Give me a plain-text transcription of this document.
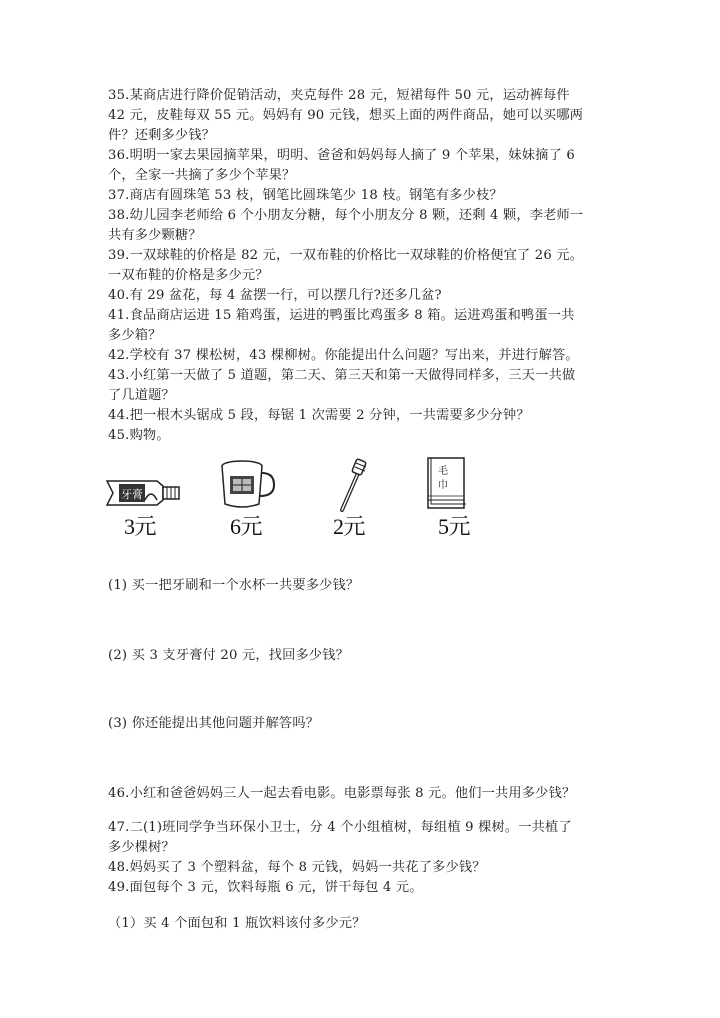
35.某商店进行降价促销活动，夹克每件 28 元，短裙每件 50 元，运动裤每件
42 元，皮鞋每双 55 元。妈妈有 90 元钱，想买上面的两件商品，她可以买哪两
件？还剩多少钱？
36.明明一家去果园摘苹果，明明、爸爸和妈妈每人摘了 9 个苹果，妹妹摘了 6
个，全家一共摘了多少个苹果？
37.商店有圆珠笔 53 枝，钢笔比圆珠笔少 18 枝。钢笔有多少枝？
38.幼儿园李老师给 6 个小朋友分糖，每个小朋友分 8 颗，还剩 4 颗，李老师一
共有多少颗糖？
39.一双球鞋的价格是 82 元，一双布鞋的价格比一双球鞋的价格便宜了 26 元。
一双布鞋的价格是多少元？
40.有 29 盆花，每 4 盆摆一行，可以摆几行?还多几盆?
41.食品商店运进 15 箱鸡蛋，运进的鸭蛋比鸡蛋多 8 箱。运进鸡蛋和鸭蛋一共
多少箱？
42.学校有 37 棵松树，43 棵柳树。你能提出什么问题？写出来，并进行解答。
43.小红第一天做了 5 道题，第二天、第三天和第一天做得同样多，三天一共做
了几道题？
44.把一根木头锯成 5 段，每锯 1 次需要 2 分钟，一共需要多少分钟？
45.购物。
牙膏
毛
巾
3元	6元	2元	5元
(1) 买一把牙刷和一个水杯一共要多少钱？
(2) 买 3 支牙膏付 20 元，找回多少钱？
(3) 你还能提出其他问题并解答吗？
46.小红和爸爸妈妈三人一起去看电影。电影票每张 8 元。他们一共用多少钱？
47.二(1)班同学争当环保小卫士，分 4 个小组植树，每组植 9 棵树。一共植了
多少棵树？
48.妈妈买了 3 个塑料盆，每个 8 元钱，妈妈一共花了多少钱？
49.面包每个 3 元，饮料每瓶 6 元，饼干每包 4 元。
（1）买 4 个面包和 1 瓶饮料该付多少元？
